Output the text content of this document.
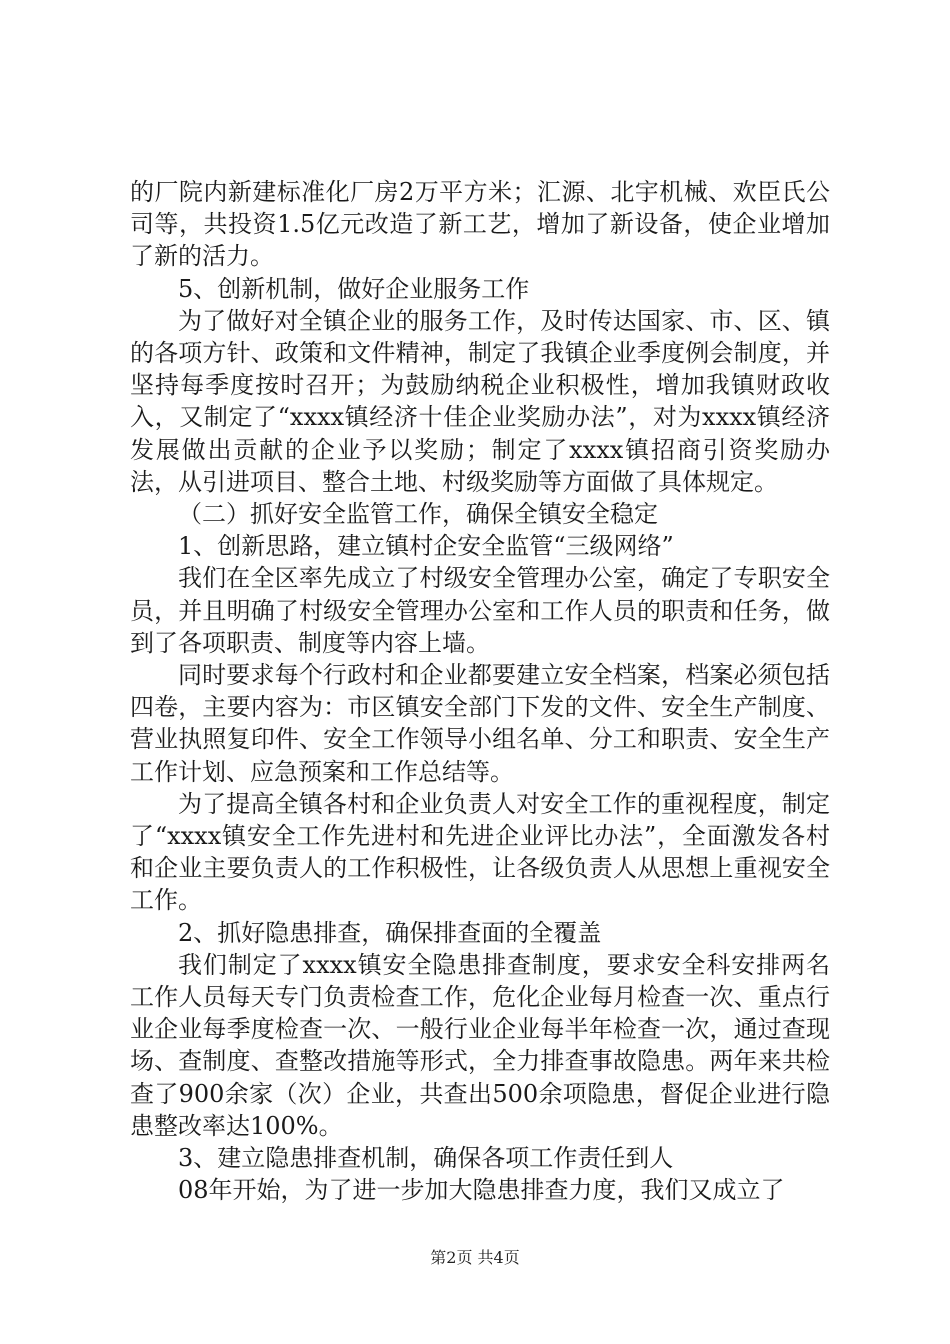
的厂院内新建标准化厂房2万平方米；汇源、北宇机械、欢臣氏公司等，共投资1.5亿元改造了新工艺，增加了新设备，使企业增加了新的活力。

5、创新机制，做好企业服务工作

为了做好对全镇企业的服务工作，及时传达国家、市、区、镇的各项方针、政策和文件精神，制定了我镇企业季度例会制度，并坚持每季度按时召开；为鼓励纳税企业积极性，增加我镇财政收入，又制定了“xxxx镇经济十佳企业奖励办法”，对为xxxx镇经济发展做出贡献的企业予以奖励；制定了xxxx镇招商引资奖励办法，从引进项目、整合土地、村级奖励等方面做了具体规定。

（二）抓好安全监管工作，确保全镇安全稳定

1、创新思路，建立镇村企安全监管“三级网络”

我们在全区率先成立了村级安全管理办公室，确定了专职安全员，并且明确了村级安全管理办公室和工作人员的职责和任务，做到了各项职责、制度等内容上墙。

同时要求每个行政村和企业都要建立安全档案，档案必须包括四卷，主要内容为：市区镇安全部门下发的文件、安全生产制度、营业执照复印件、安全工作领导小组名单、分工和职责、安全生产工作计划、应急预案和工作总结等。

为了提高全镇各村和企业负责人对安全工作的重视程度，制定了“xxxx镇安全工作先进村和先进企业评比办法”，全面激发各村和企业主要负责人的工作积极性，让各级负责人从思想上重视安全工作。

2、抓好隐患排查，确保排查面的全覆盖

我们制定了xxxx镇安全隐患排查制度，要求安全科安排两名工作人员每天专门负责检查工作，危化企业每月检查一次、重点行业企业每季度检查一次、一般行业企业每半年检查一次，通过查现场、查制度、查整改措施等形式，全力排查事故隐患。两年来共检查了900余家（次）企业，共查出500余项隐患，督促企业进行隐患整改率达100%。

3、建立隐患排查机制，确保各项工作责任到人

08年开始，为了进一步加大隐患排查力度，我们又成立了

第2页 共4页
